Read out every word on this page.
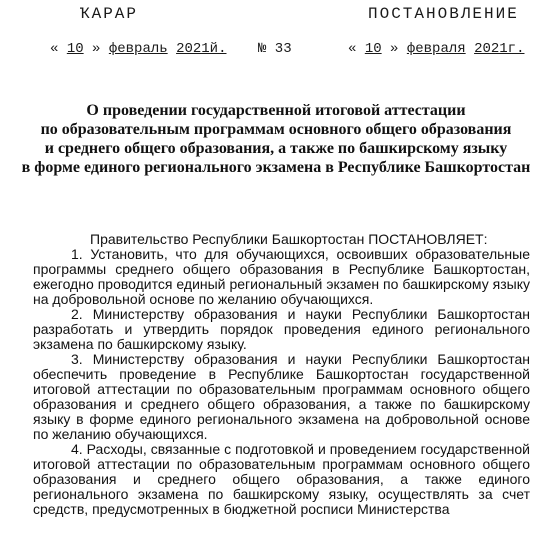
ҠАРАР	ПОСТАНОВЛЕНИЕ
« 10 » февраль 2021й. № 33	« 10 » февраля 2021г.
О проведении государственной итоговой аттестации
по образовательным программам основного общего образования
и среднего общего образования, а также по башкирскому языку
в форме единого регионального экзамена в Республике Башкортостан

Правительство Республики Башкортостан ПОСТАНОВЛЯЕТ:

1. Установить, что для обучающихся, освоивших образовательные программы среднего общего образования в Республике Башкортостан, ежегодно проводится единый региональный экзамен по башкирскому языку на добровольной основе по желанию обучающихся.

2. Министерству образования и науки Республики Башкортостан разработать и утвердить порядок проведения единого регионального экзамена по башкирскому языку.

3. Министерству образования и науки Республики Башкортостан обеспечить проведение в Республике Башкортостан государственной итоговой аттестации по образовательным программам основного общего образования и среднего общего образования, а также по башкирскому языку в форме единого регионального экзамена на добровольной основе по желанию обучающихся.

4. Расходы, связанные с подготовкой и проведением государственной итоговой аттестации по образовательным программам основного общего образования и среднего общего образования, а также единого регионального экзамена по башкирскому языку, осуществлять за счет средств, предусмотренных в бюджетной росписи Министерства
